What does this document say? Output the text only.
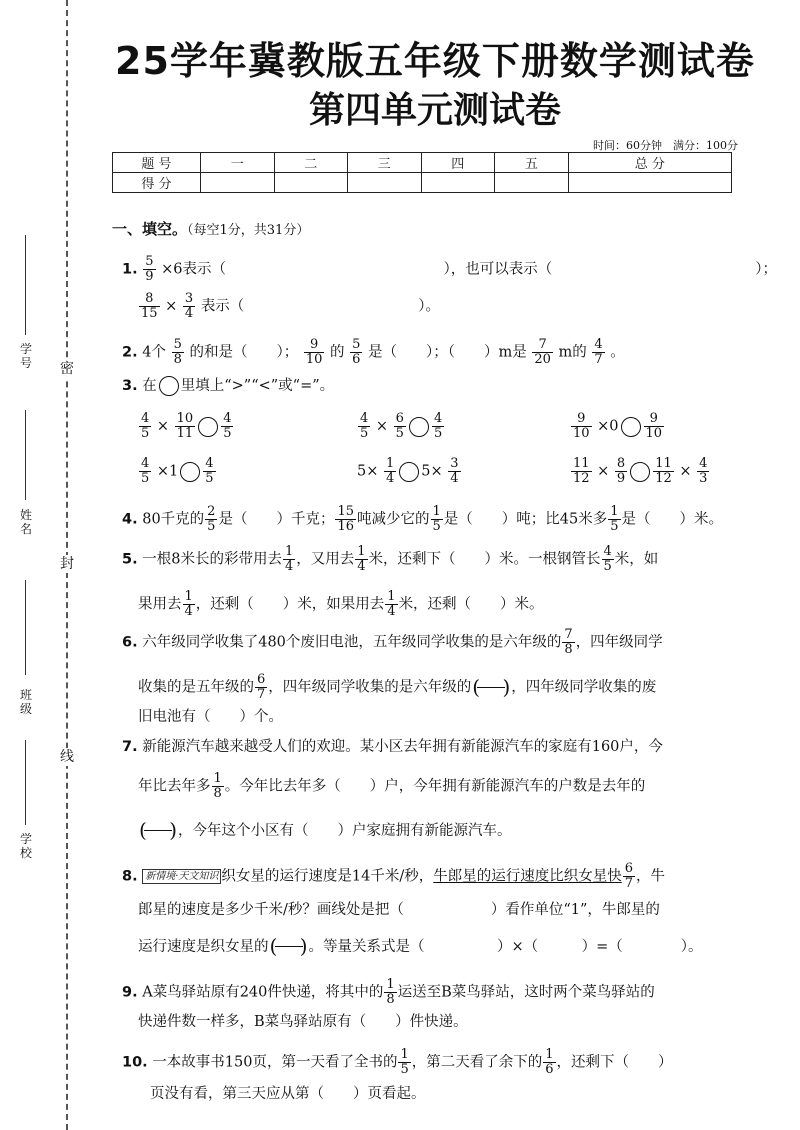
密
封
线
学号
姓名
班级
学校
25学年冀教版五年级下册数学测试卷
第四单元测试卷
时间：60分钟　满分：100分
题 号	一	二	三	四	五	总 分
得 分						
一、填空。（每空1分，共31分）
1. $\frac{5}{9} \times 6$表示（　　　　　　　　　　　　　　　），也可以表示（　　　　　　　　　　　　　　）；
$\frac{8}{15} \times \frac{3}{4}$ 表示（　　　　　　　　　　　　）。
2. 4个 $\frac{5}{8}$ 的和是（　　）； $\frac{9}{10}$ 的 $\frac{5}{6}$ 是（　　）；（　　）m是 $\frac{7}{20}$ m的 $\frac{4}{7}$ 。
3. 在 里填上“>”“<”或“=”。
$\frac{4}{5} \times \frac{10}{11} \frac{4}{5}$	$\frac{4}{5} \times \frac{6}{5} \frac{4}{5}$	$\frac{9}{10} \times 0 \frac{9}{10}$
$\frac{4}{5} \times 1 \frac{4}{5}$	$5\times \frac{1}{4} 5\times \frac{3}{4}$	$\frac{11}{12} \times \frac{8}{9} \frac{11}{12} \times \frac{4}{3}$
4. 80千克的 $\frac{2}{5}$ 是（　　）千克； $\frac{15}{16}$ 吨减少它的 $\frac{1}{5}$ 是（　　）吨；比45米多 $\frac{1}{5}$ 是（　　）米。
5. 一根8米长的彩带用去 $\frac{1}{4}$ ，又用去 $\frac{1}{4}$ 米，还剩下（　　）米。一根钢管长 $\frac{4}{5}$ 米，如
果用去 $\frac{1}{4}$ ，还剩（　　）米，如果用去 $\frac{1}{4}$ 米，还剩（　　）米。
6. 六年级同学收集了480个废旧电池，五年级同学收集的是六年级的 $\frac{7}{8}$ ，四年级同学
收集的是五年级的 $\frac{6}{7}$ ，四年级同学收集的是六年级的 ( ) ，四年级同学收集的废
旧电池有（　　）个。
7. 新能源汽车越来越受人们的欢迎。某小区去年拥有新能源汽车的家庭有160户，今
年比去年多 $\frac{1}{8}$ 。今年比去年多（　　）户，今年拥有新能源汽车的户数是去年的
( ) ，今年这个小区有（　　）户家庭拥有新能源汽车。
8. 新情境·天文知识 织女星的运行速度是14千米/秒，牛郎星的运行速度比织女星快 $\frac{6}{7}$ ，牛
郎星的速度是多少千米/秒？画线处是把（　　　　　　）看作单位“1”，牛郎星的
运行速度是织女星的 ( ) 。等量关系式是（　　　　　）×（　　　）=（　　　　）。
9. A菜鸟驿站原有240件快递，将其中的 $\frac{1}{8}$ 运送至B菜鸟驿站，这时两个菜鸟驿站的
快递件数一样多，B菜鸟驿站原有（　　）件快递。
10. 一本故事书150页，第一天看了全书的 $\frac{1}{5}$ ，第二天看了余下的 $\frac{1}{6}$ ，还剩下（　　）
页没有看，第三天应从第（　　）页看起。
